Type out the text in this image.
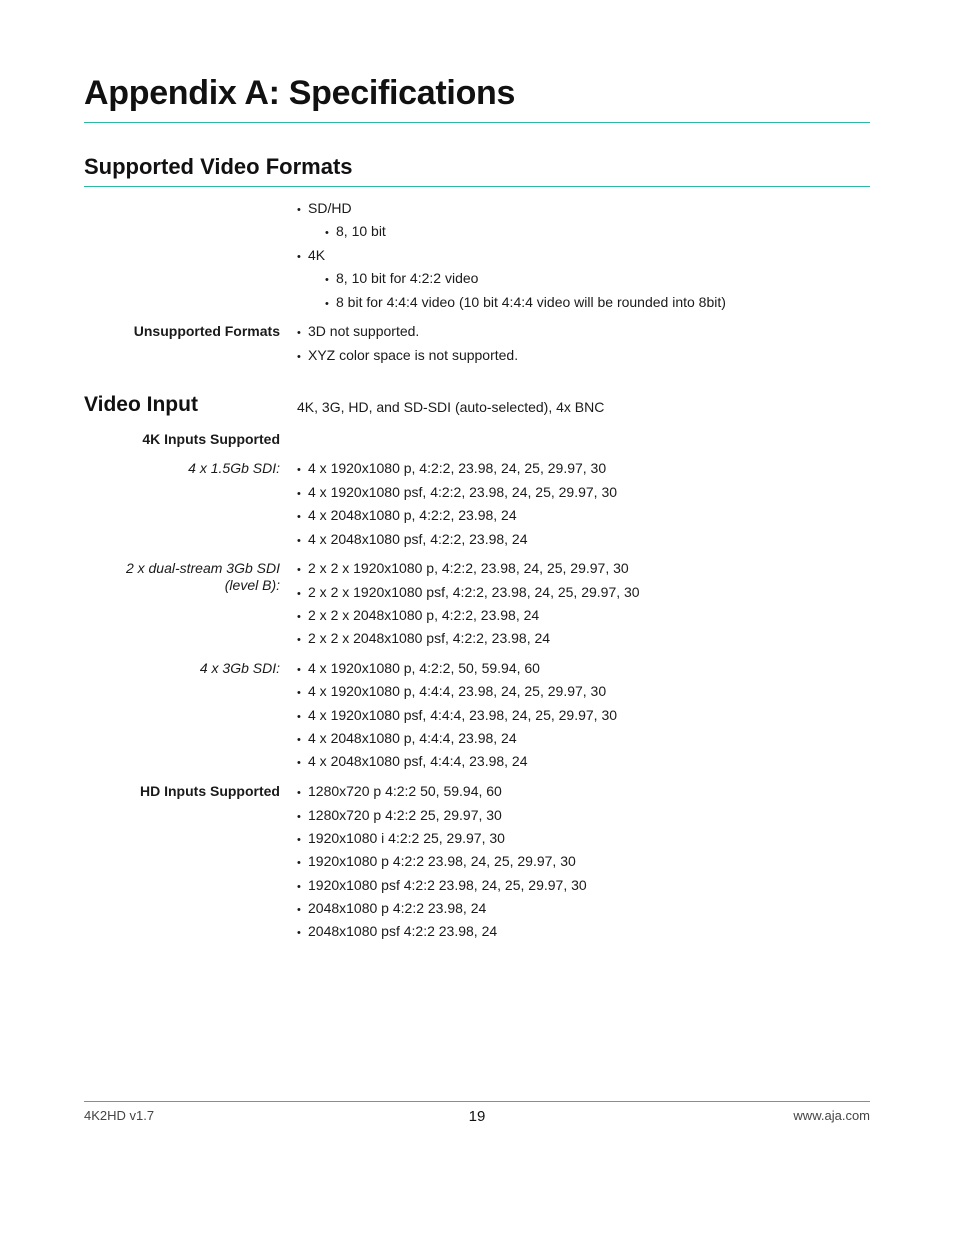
Appendix A: Specifications
Supported Video Formats
• SD/HD
• 8, 10 bit
• 4K
• 8, 10 bit for 4:2:2 video
• 8 bit for 4:4:4 video (10 bit 4:4:4 video will be rounded into 8bit)
Unsupported Formats • 3D not supported.
• XYZ color space is not supported.
Video Input	4K, 3G, HD, and SD-SDI (auto-selected), 4x BNC
4K Inputs Supported
4 x 1.5Gb SDI: • 4 x 1920x1080 p, 4:2:2, 23.98, 24, 25, 29.97, 30
• 4 x 1920x1080 psf, 4:2:2, 23.98, 24, 25, 29.97, 30
• 4 x 2048x1080 p, 4:2:2, 23.98, 24
• 4 x 2048x1080 psf, 4:2:2, 23.98, 24
2 x dual-stream 3Gb SDI
(level B):
• 2 x 2 x 1920x1080 p, 4:2:2, 23.98, 24, 25, 29.97, 30
• 2 x 2 x 1920x1080 psf, 4:2:2, 23.98, 24, 25, 29.97, 30
• 2 x 2 x 2048x1080 p, 4:2:2, 23.98, 24
• 2 x 2 x 2048x1080 psf, 4:2:2, 23.98, 24
4 x 3Gb SDI: • 4 x 1920x1080 p, 4:2:2, 50, 59.94, 60
• 4 x 1920x1080 p, 4:4:4, 23.98, 24, 25, 29.97, 30
• 4 x 1920x1080 psf, 4:4:4, 23.98, 24, 25, 29.97, 30
• 4 x 2048x1080 p, 4:4:4, 23.98, 24
• 4 x 2048x1080 psf, 4:4:4, 23.98, 24
HD Inputs Supported • 1280x720 p 4:2:2 50, 59.94, 60
• 1280x720 p 4:2:2 25, 29.97, 30
• 1920x1080 i 4:2:2 25, 29.97, 30
• 1920x1080 p 4:2:2 23.98, 24, 25, 29.97, 30
• 1920x1080 psf 4:2:2 23.98, 24, 25, 29.97, 30
• 2048x1080 p 4:2:2 23.98, 24
• 2048x1080 psf 4:2:2 23.98, 24
4K2HD v1.7	19	www.aja.com
